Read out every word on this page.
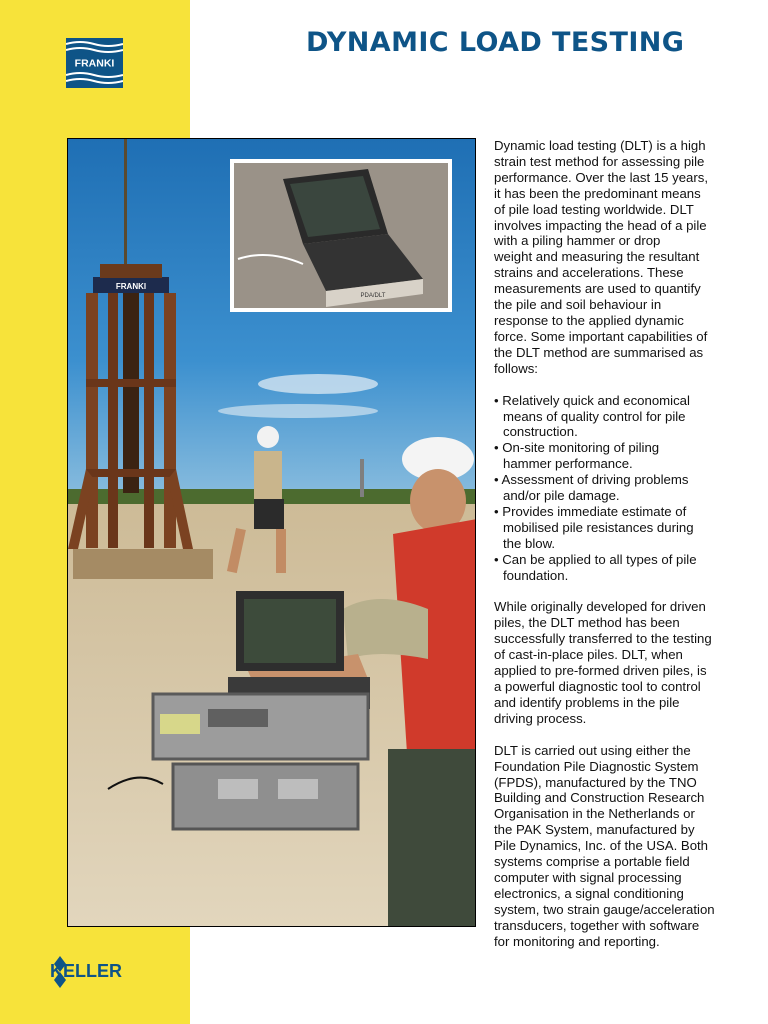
FRANKI
KELLER
DYNAMIC LOAD TESTING
FRANKI
PDA/DLT
Dynamic load testing (DLT) is a high
strain test method for assessing pile
performance. Over the last 15 years,
it has been the predominant means
of pile load testing worldwide. DLT
involves impacting the head of a pile
with a piling hammer or drop
weight and measuring the resultant
strains and accelerations. These
measurements are used to quantify
the pile and soil behaviour in
response to the applied dynamic
force. Some important capabilities of
the DLT method are summarised as
follows:
• Relatively quick and economical
means of quality control for pile
construction.
• On-site monitoring of piling
hammer performance.
• Assessment of driving problems
and/or pile damage.
• Provides immediate estimate of
mobilised pile resistances during
the blow.
• Can be applied to all types of pile
foundation.
While originally developed for driven
piles, the DLT method has been
successfully transferred to the testing
of cast-in-place piles. DLT, when
applied to pre-formed driven piles, is
a powerful diagnostic tool to control
and identify problems in the pile
driving process.
DLT is carried out using either the
Foundation Pile Diagnostic System
(FPDS), manufactured by the TNO
Building and Construction Research
Organisation in the Netherlands or
the PAK System, manufactured by
Pile Dynamics, Inc. of the USA. Both
systems comprise a portable field
computer with signal processing
electronics, a signal conditioning
system, two strain gauge/acceleration
transducers, together with software
for monitoring and reporting.
